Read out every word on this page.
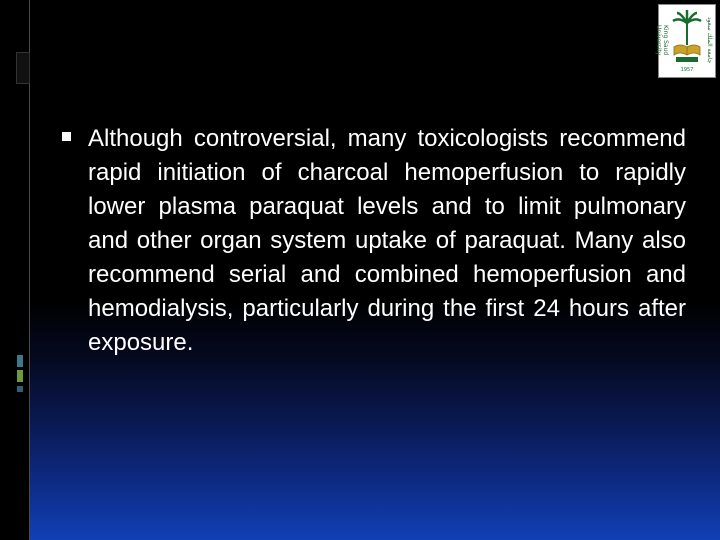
King Saud University	جامعة الملك سعود
1957

Although controversial, many toxicologists recommend rapid initiation of charcoal hemoperfusion to rapidly lower plasma paraquat levels and to limit pulmonary and other organ system uptake of paraquat. Many also recommend serial and combined hemoperfusion and hemodialysis, particularly during the first 24 hours after exposure.
